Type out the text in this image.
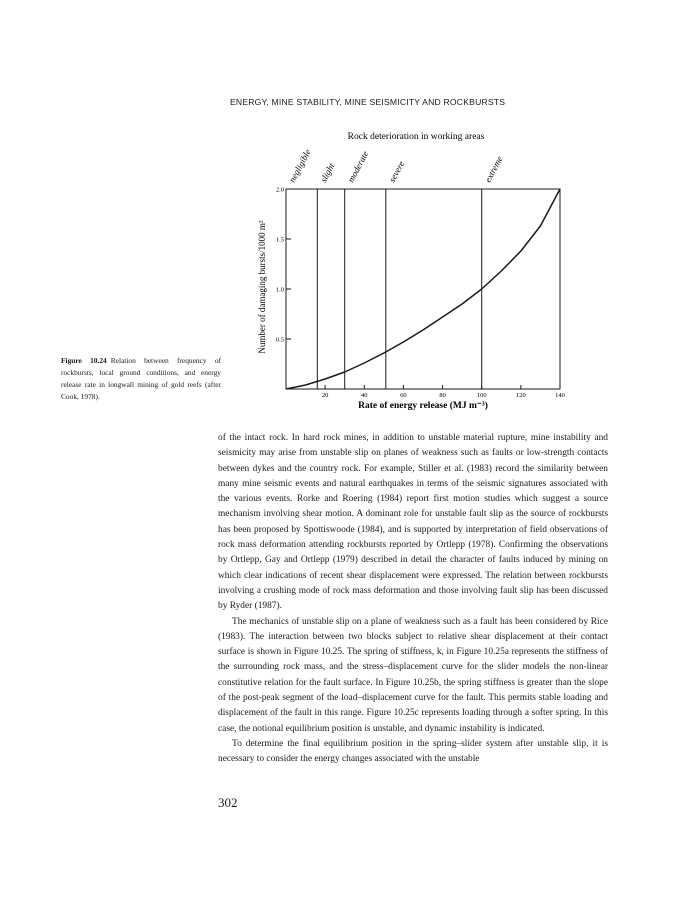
ENERGY, MINE STABILITY, MINE SEISMICITY AND ROCKBURSTS
Rock deterioration in working areas
negligible slight moderate severe	extreme
0.5
1.0
1.5
2.0
20	40	60	80	100	120	140
Rate of energy release (MJ m⁻³)
Number of damaging bursts/1000 m²
Figure 10.24 Relation between frequency of rockbursts, local ground conditions, and energy release rate in longwall mining of gold reefs (after Cook, 1978).

of the intact rock. In hard rock mines, in addition to unstable material rupture, mine instability and seismicity may arise from unstable slip on planes of weakness such as faults or low-strength contacts between dykes and the country rock. For example, Stiller et al. (1983) record the similarity between many mine seismic events and natural earthquakes in terms of the seismic signatures associated with the various events. Rorke and Roering (1984) report first motion studies which suggest a source mechanism involving shear motion. A dominant role for unstable fault slip as the source of rockbursts has been proposed by Spottiswoode (1984), and is supported by interpretation of field observations of rock mass deformation attending rockbursts reported by Ortlepp (1978). Confirming the observations by Ortlepp, Gay and Ortlepp (1979) described in detail the character of faults induced by mining on which clear indications of recent shear displacement were expressed. The relation between rockbursts involving a crushing mode of rock mass deformation and those involving fault slip has been discussed by Ryder (1987).

The mechanics of unstable slip on a plane of weakness such as a fault has been considered by Rice (1983). The interaction between two blocks subject to relative shear displacement at their contact surface is shown in Figure 10.25. The spring of stiffness, k, in Figure 10.25a represents the stiffness of the surrounding rock mass, and the stress–displacement curve for the slider models the non-linear constitutive relation for the fault surface. In Figure 10.25b, the spring stiffness is greater than the slope of the post-peak segment of the load–displacement curve for the fault. This permits stable loading and displacement of the fault in this range. Figure 10.25c represents loading through a softer spring. In this case, the notional equilibrium position is unstable, and dynamic instability is indicated.

To determine the final equilibrium position in the spring–slider system after unstable slip, it is necessary to consider the energy changes associated with the unstable

302
